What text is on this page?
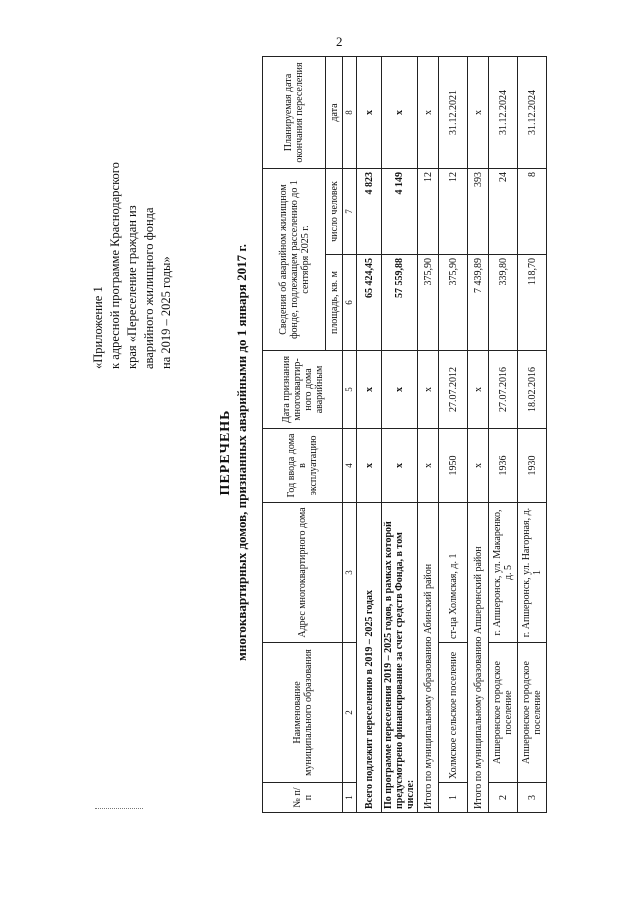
2
«Приложение 1 к адресной программе Краснодарского края «Переселение граждан из аварийного жилищного фонда на 2019 – 2025 годы»
ПЕРЕЧЕНЬ многоквартирных домов, признанных аварийными до 1 января 2017 г.
№ п/п	Наименование муниципального образования	Адрес многоквартирного дома	Год ввода дома в эксплуатацию	Дата признания многоквартир-ного дома аварийным	Сведения об аварийном жилищном фонде, подлежащем расселению до 1 сентября 2025 г.		Планируемая дата окончания переселения
					площадь, кв. м	число человек	дата
1	2	3	4	5	6	7	8
Всего подлежит переселению в 2019 – 2025 годах			х	х	65 424,45	4 823	х
По программе переселения 2019 – 2025 годов, в рамках которой предусмотрено финансирование за счет средств Фонда, в том числе:			х	х	57 559,88	4 149	х
Итого по муниципальному образованию Абинский район			х	х	375,90	12	х
1	Холмское сельское поселение	ст-ца Холмская, д. 1	1950	27.07.2012	375,90	12	31.12.2021
Итого по муниципальному образованию Апшеронский район			х	х	7 439,89	393	х
2	Апшеронское городское поселение	г. Апшеронск, ул. Макаренко, д. 5	1936	27.07.2016	339,80	24	31.12.2024
3	Апшеронское городское поселение	г. Апшеронск, ул. Нагорная, д. 1	1930	18.02.2016	118,70	8	31.12.2024
